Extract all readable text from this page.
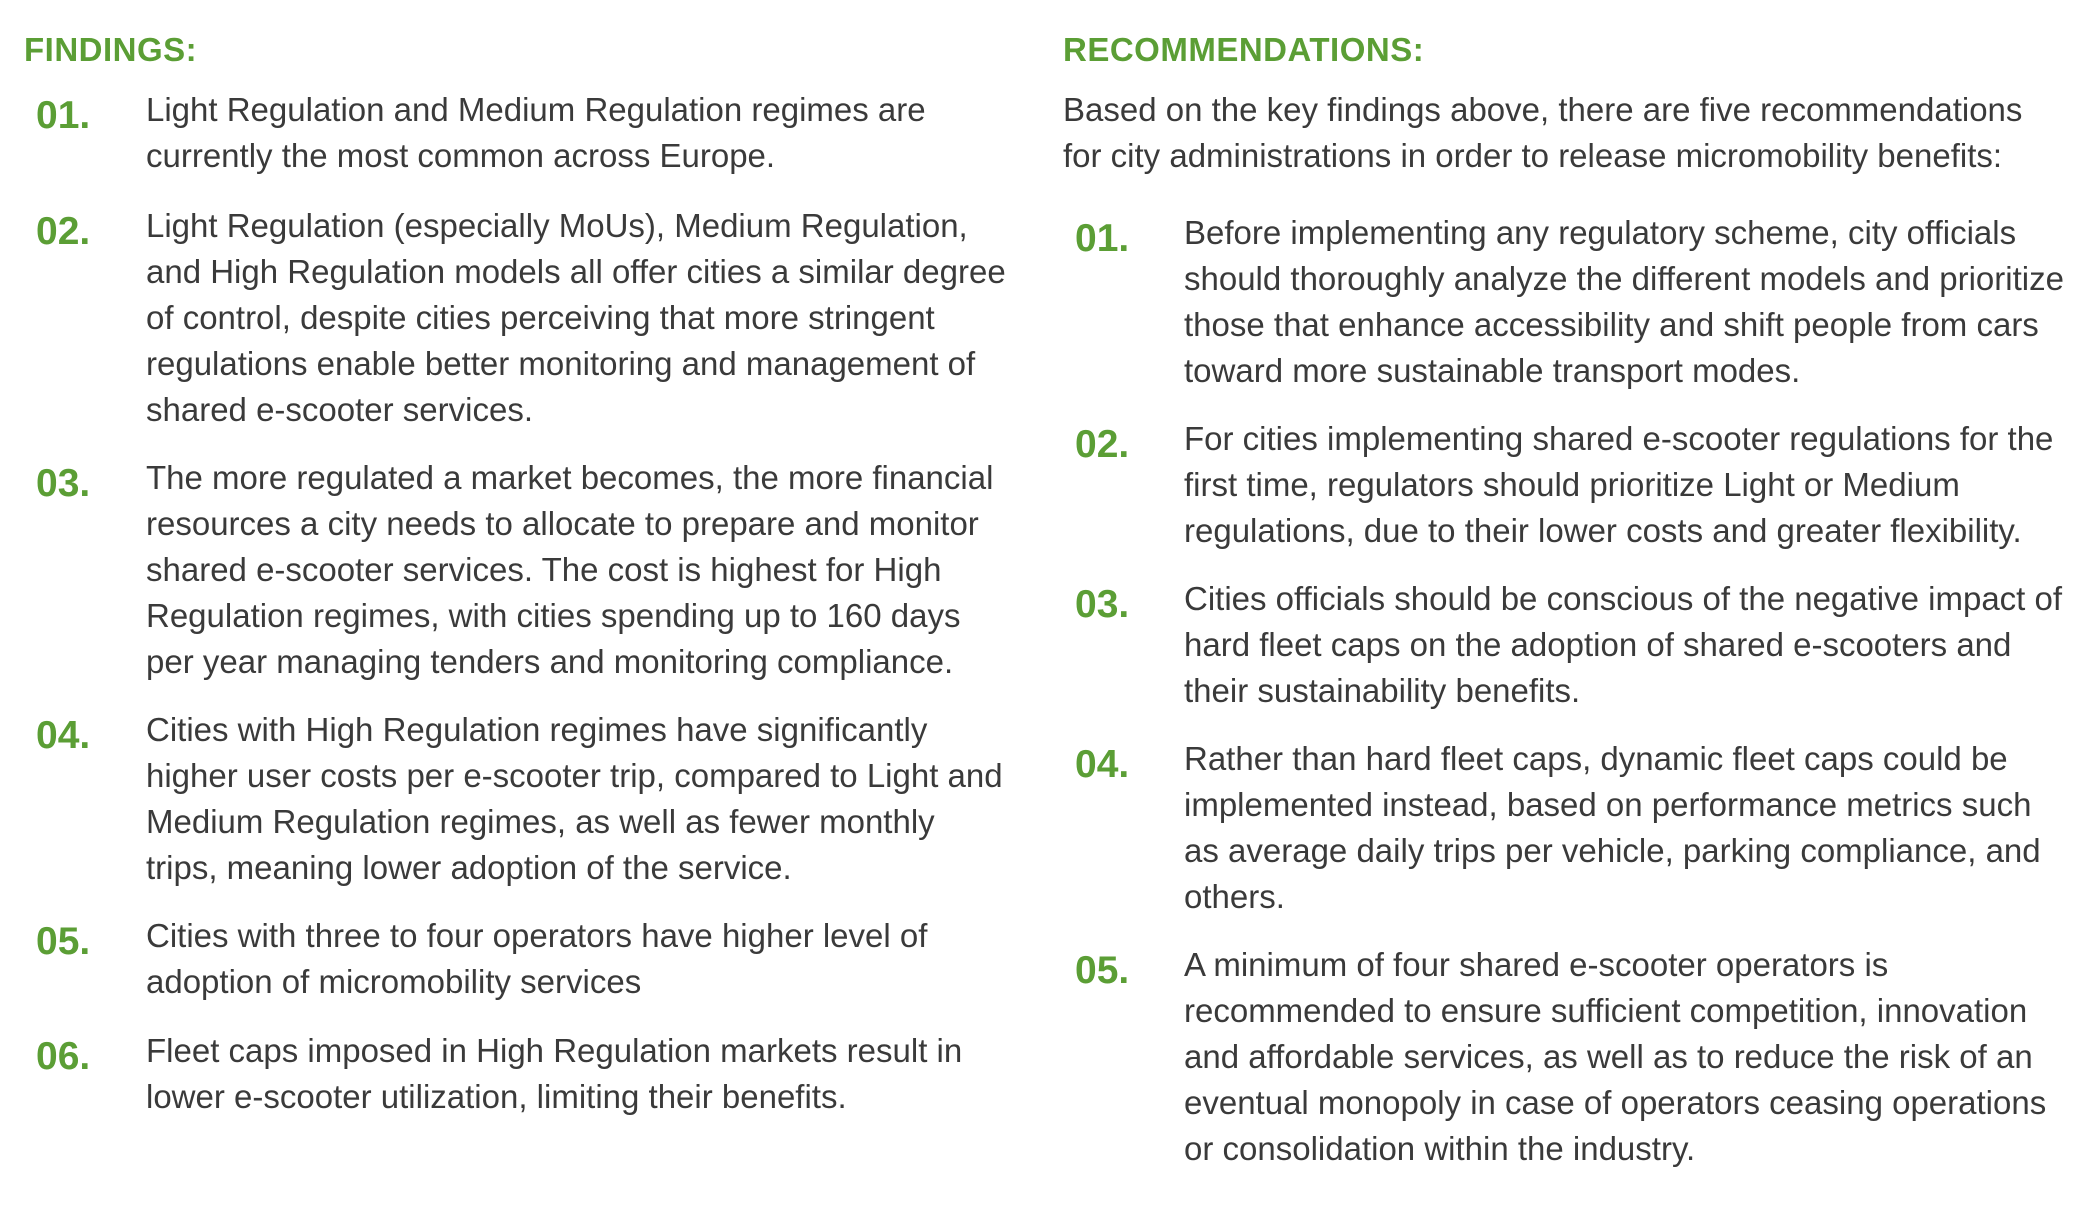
FINDINGS:
01.	Light Regulation and Medium Regulation regimes are currently the most common across Europe.

02.	Light Regulation (especially MoUs), Medium Regulation, and High Regulation models all offer cities a similar degree of control, despite cities perceiving that more stringent regulations enable better monitoring and management of shared e-scooter services.

03.	The more regulated a market becomes, the more financial resources a city needs to allocate to prepare and monitor shared e-scooter services. The cost is highest for High Regulation regimes, with cities spending up to 160 days per year managing tenders and monitoring compliance.

04.	Cities with High Regulation regimes have significantly higher user costs per e-scooter trip, compared to Light and Medium Regulation regimes, as well as fewer monthly trips, meaning lower adoption of the service.

05.	Cities with three to four operators have higher level of adoption of micromobility services

06.	Fleet caps imposed in High Regulation markets result in lower e-scooter utilization, limiting their benefits.

RECOMMENDATIONS:

Based on the key findings above, there are five recommendations for city administrations in order to release micromobility benefits:

01.	Before implementing any regulatory scheme, city officials should thoroughly analyze the different models and prioritize those that enhance accessibility and shift people from cars toward more sustainable transport modes.

02.	For cities implementing shared e-scooter regulations for the first time, regulators should prioritize Light or Medium regulations, due to their lower costs and greater flexibility.

03.	Cities officials should be conscious of the negative impact of hard fleet caps on the adoption of shared e-scooters and their sustainability benefits.

04.	Rather than hard fleet caps, dynamic fleet caps could be implemented instead, based on performance metrics such as average daily trips per vehicle, parking compliance, and others.

05.	A minimum of four shared e-scooter operators is recommended to ensure sufficient competition, innovation and affordable services, as well as to reduce the risk of an eventual monopoly in case of operators ceasing operations or consolidation within the industry.
